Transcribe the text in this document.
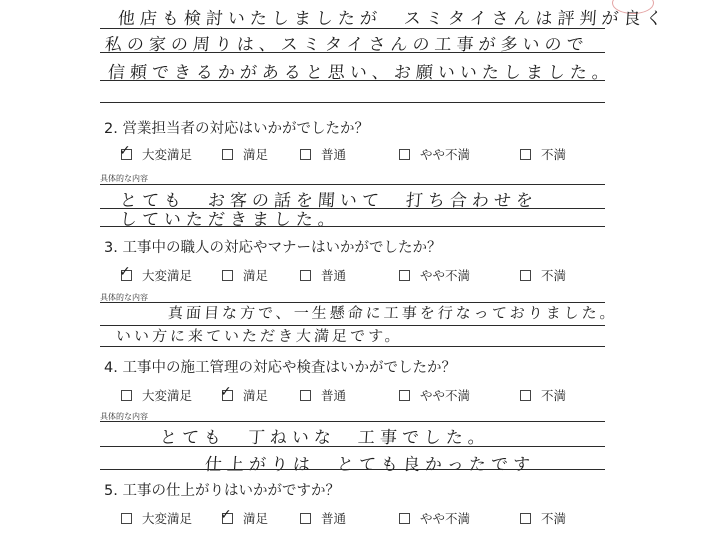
他店も検討いたしましたが　スミタイさんは評判が良く
私の家の周りは、スミタイさんの工事が多いので
信頼できるかがあると思い、お願いいたしました。
2. 営業担当者の対応はいかがでしたか？
✓ 大変満足	満足	普通	やや不満	不満
具体的な内容
とても　お客の話を聞いて　打ち合わせを
していただきました。
3. 工事中の職人の対応やマナーはいかがでしたか？
✓ 大変満足	満足	普通	やや不満	不満
具体的な内容
真面目な方で、一生懸命に工事を行なっておりました。
いい方に来ていただき大満足です。
4. 工事中の施工管理の対応や検査はいかがでしたか？
大変満足 ✓ 満足	普通	やや不満	不満
具体的な内容
とても　丁ねいな　工事でした。
仕上がりは　とても良かったです
5. 工事の仕上がりはいかがですか？
大変満足 ✓ 満足	普通	やや不満	不満
